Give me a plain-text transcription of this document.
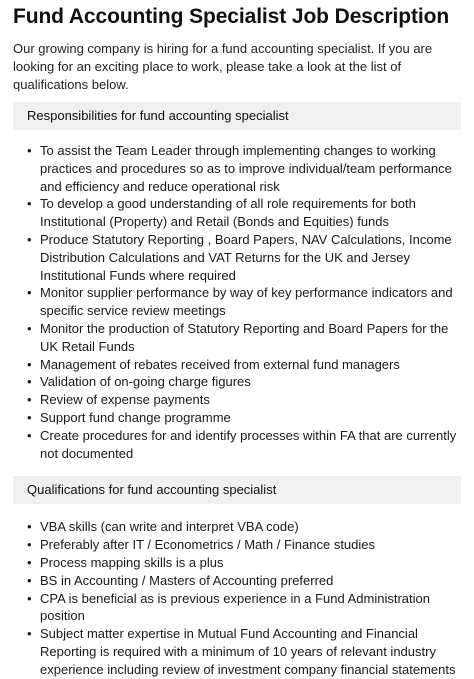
Fund Accounting Specialist Job Description

Our growing company is hiring for a fund accounting specialist. If you are looking for an exciting place to work, please take a look at the list of qualifications below.

Responsibilities for fund accounting specialist
• To assist the Team Leader through implementing changes to working practices and procedures so as to improve individual/team performance and efficiency and reduce operational risk
• To develop a good understanding of all role requirements for both Institutional (Property) and Retail (Bonds and Equities) funds
• Produce Statutory Reporting , Board Papers, NAV Calculations, Income Distribution Calculations and VAT Returns for the UK and Jersey Institutional Funds where required
• Monitor supplier performance by way of key performance indicators and specific service review meetings
• Monitor the production of Statutory Reporting and Board Papers for the UK Retail Funds
• Management of rebates received from external fund managers
• Validation of on-going charge figures
• Review of expense payments
• Support fund change programme
• Create procedures for and identify processes within FA that are currently not documented
Qualifications for fund accounting specialist
• VBA skills (can write and interpret VBA code)
• Preferably after IT / Econometrics / Math / Finance studies
• Process mapping skills is a plus
• BS in Accounting / Masters of Accounting preferred
• CPA is beneficial as is previous experience in a Fund Administration position
• Subject matter expertise in Mutual Fund Accounting and Financial Reporting is required with a minimum of 10 years of relevant industry experience including review of investment company financial statements
